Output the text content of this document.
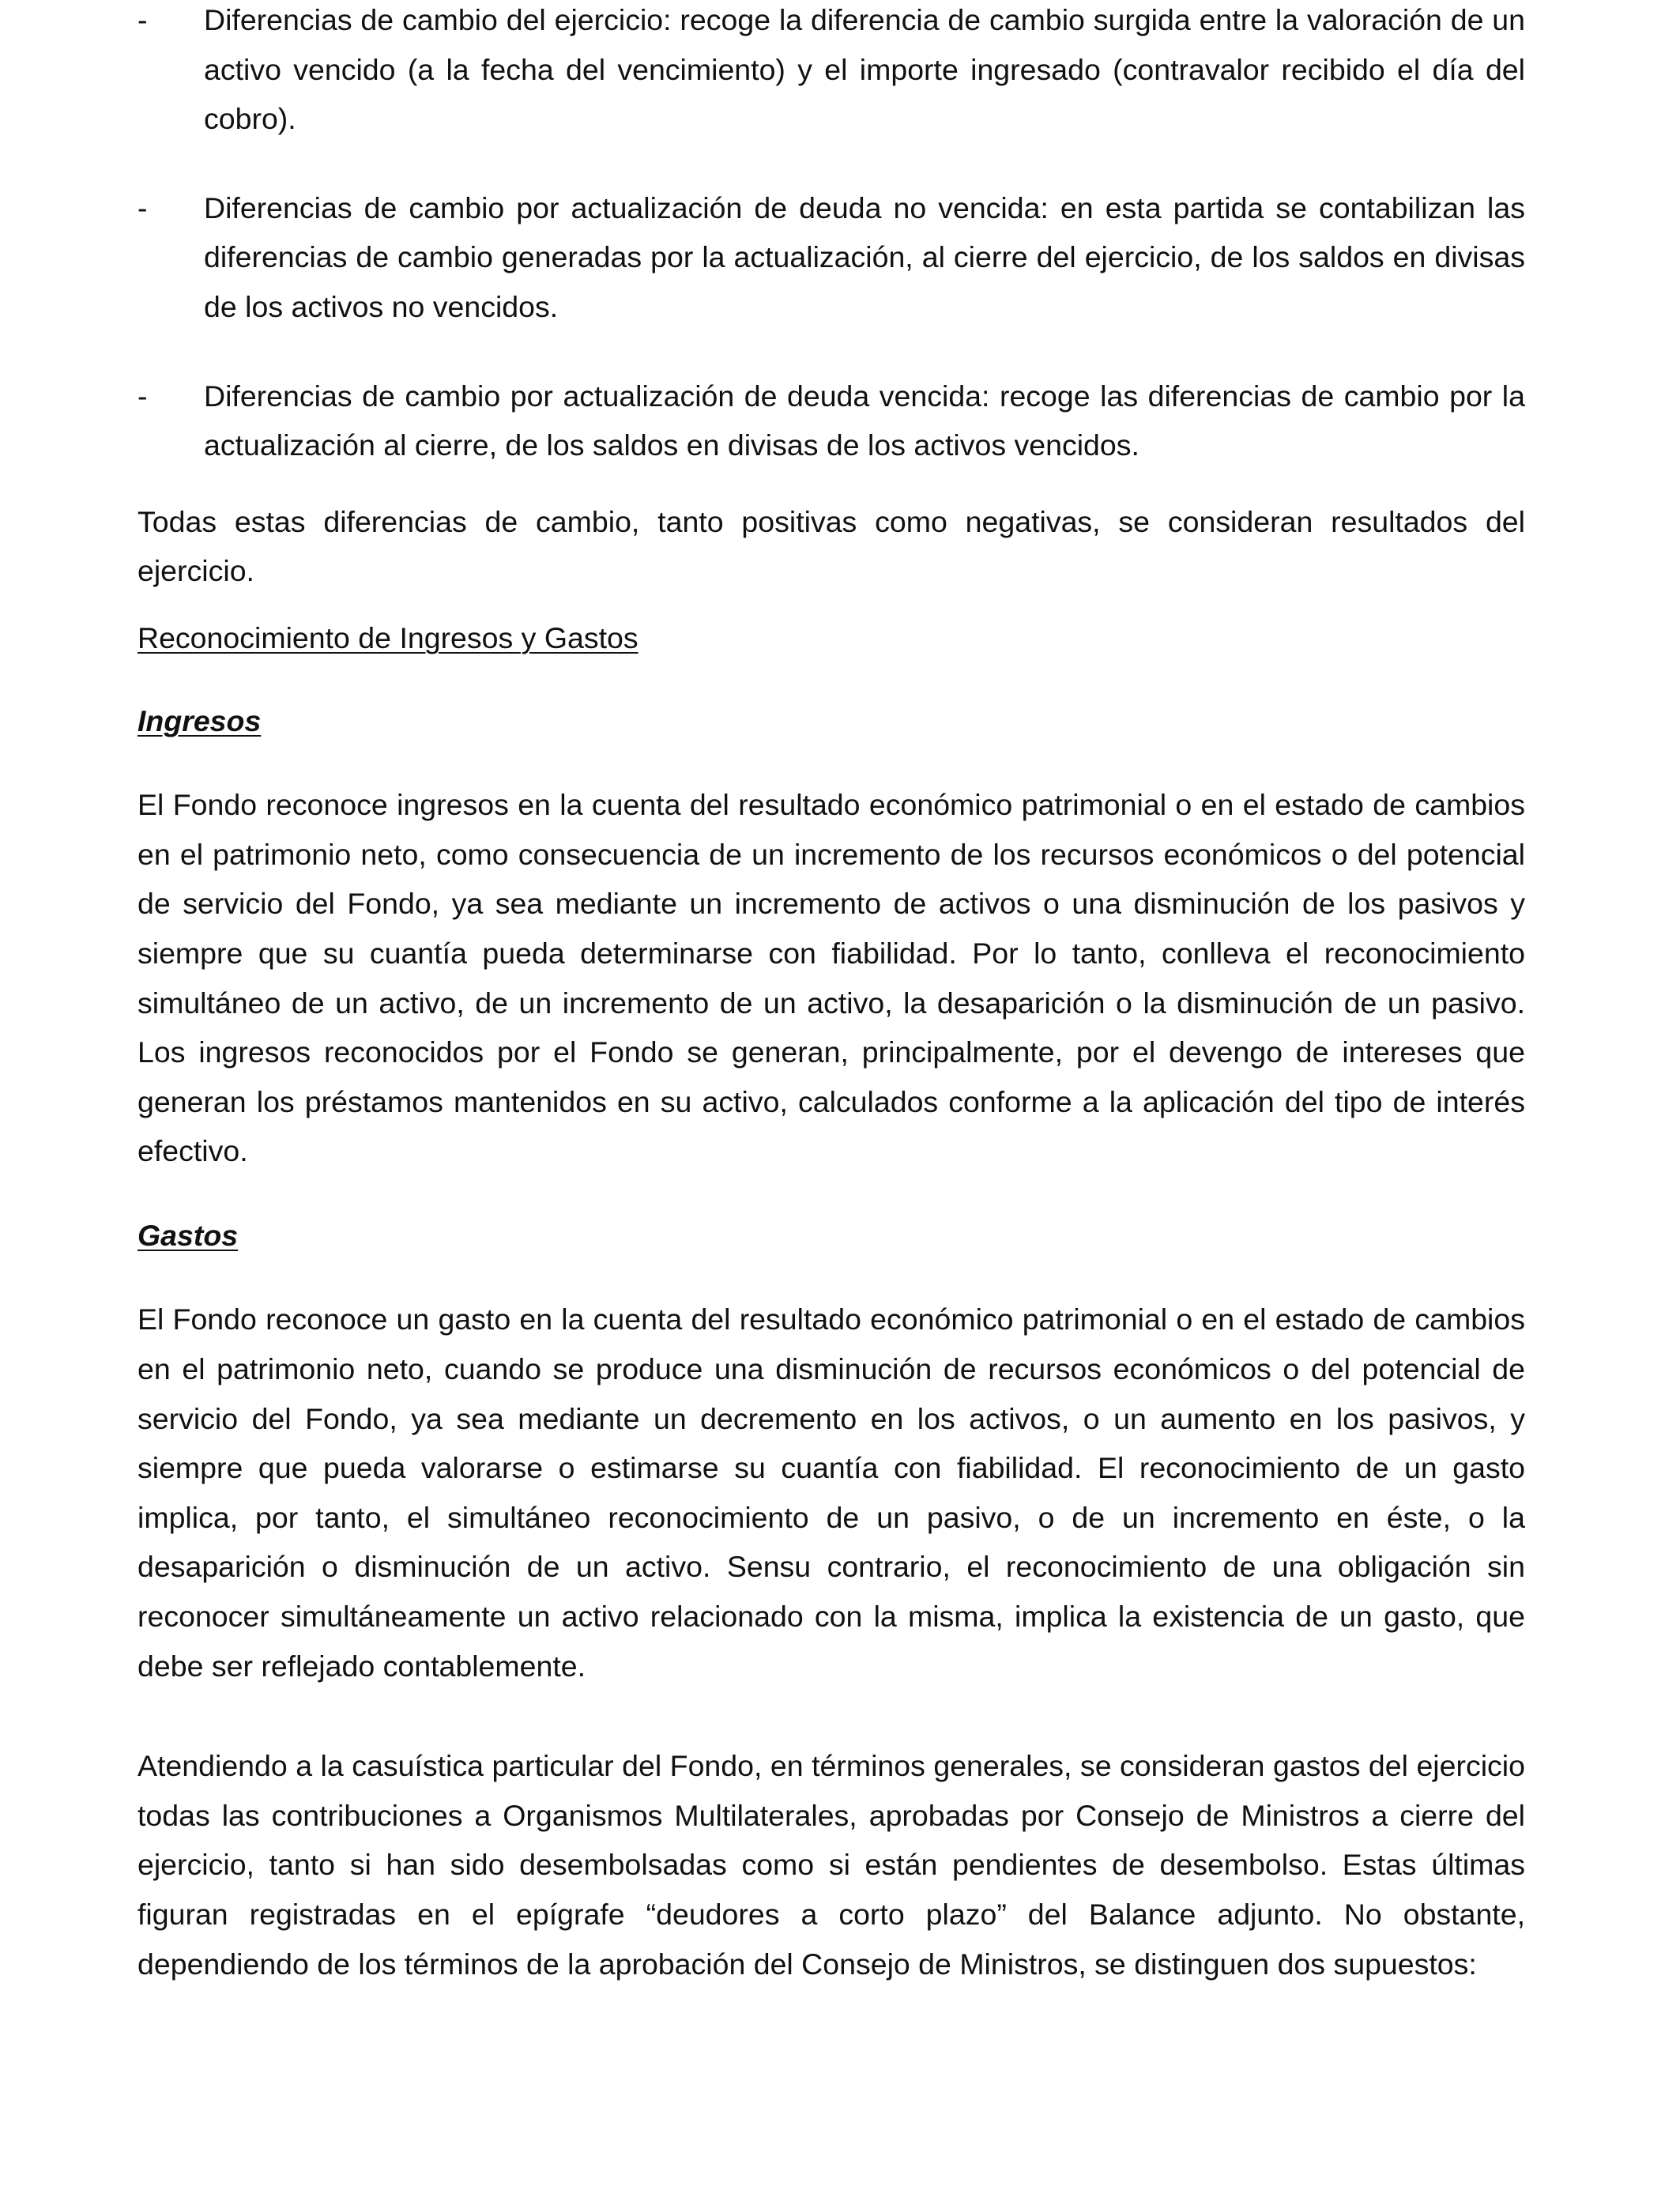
- Diferencias de cambio del ejercicio: recoge la diferencia de cambio surgida entre la valoración de un activo vencido (a la fecha del vencimiento) y el importe ingresado (contravalor recibido el día del cobro).
- Diferencias de cambio por actualización de deuda no vencida: en esta partida se contabilizan las diferencias de cambio generadas por la actualización, al cierre del ejercicio, de los saldos en divisas de los activos no vencidos.
- Diferencias de cambio por actualización de deuda vencida: recoge las diferencias de cambio por la actualización al cierre, de los saldos en divisas de los activos vencidos.

Todas estas diferencias de cambio, tanto positivas como negativas, se consideran resultados del ejercicio.

Reconocimiento de Ingresos y Gastos
Ingresos

El Fondo reconoce ingresos en la cuenta del resultado económico patrimonial o en el estado de cambios en el patrimonio neto, como consecuencia de un incremento de los recursos económicos o del potencial de servicio del Fondo, ya sea mediante un incremento de activos o una disminución de los pasivos y siempre que su cuantía pueda determinarse con fiabilidad. Por lo tanto, conlleva el reconocimiento simultáneo de un activo, de un incremento de un activo, la desaparición o la disminución de un pasivo. Los ingresos reconocidos por el Fondo se generan, principalmente, por el devengo de intereses que generan los préstamos mantenidos en su activo, calculados conforme a la aplicación del tipo de interés efectivo.

Gastos

El Fondo reconoce un gasto en la cuenta del resultado económico patrimonial o en el estado de cambios en el patrimonio neto, cuando se produce una disminución de recursos económicos o del potencial de servicio del Fondo, ya sea mediante un decremento en los activos, o un aumento en los pasivos, y siempre que pueda valorarse o estimarse su cuantía con fiabilidad. El reconocimiento de un gasto implica, por tanto, el simultáneo reconocimiento de un pasivo, o de un incremento en éste, o la desaparición o disminución de un activo. Sensu contrario, el reconocimiento de una obligación sin reconocer simultáneamente un activo relacionado con la misma, implica la existencia de un gasto, que debe ser reflejado contablemente.

Atendiendo a la casuística particular del Fondo, en términos generales, se consideran gastos del ejercicio todas las contribuciones a Organismos Multilaterales, aprobadas por Consejo de Ministros a cierre del ejercicio, tanto si han sido desembolsadas como si están pendientes de desembolso. Estas últimas figuran registradas en el epígrafe “deudores a corto plazo” del Balance adjunto. No obstante, dependiendo de los términos de la aprobación del Consejo de Ministros, se distinguen dos supuestos:
